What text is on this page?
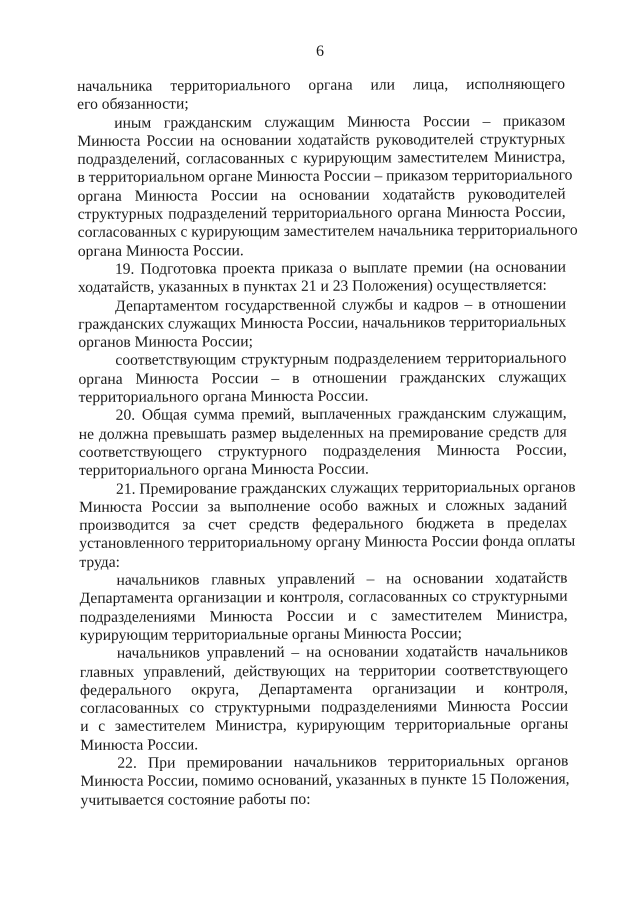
6
начальника территориального органа или лица, исполняющего
его обязанности;
иным гражданским служащим Минюста России – приказом
Минюста России на основании ходатайств руководителей структурных
подразделений, согласованных с курирующим заместителем Министра,
в территориальном органе Минюста России – приказом территориального
органа Минюста России на основании ходатайств руководителей
структурных подразделений территориального органа Минюста России,
согласованных с курирующим заместителем начальника территориального
органа Минюста России.
19. Подготовка проекта приказа о выплате премии (на основании
ходатайств, указанных в пунктах 21 и 23 Положения) осуществляется:
Департаментом государственной службы и кадров – в отношении
гражданских служащих Минюста России, начальников территориальных
органов Минюста России;
соответствующим структурным подразделением территориального
органа Минюста России – в отношении гражданских служащих
территориального органа Минюста России.
20. Общая сумма премий, выплаченных гражданским служащим,
не должна превышать размер выделенных на премирование средств для
соответствующего структурного подразделения Минюста России,
территориального органа Минюста России.
21. Премирование гражданских служащих территориальных органов
Минюста России за выполнение особо важных и сложных заданий
производится за счет средств федерального бюджета в пределах
установленного территориальному органу Минюста России фонда оплаты
труда:
начальников главных управлений – на основании ходатайств
Департамента организации и контроля, согласованных со структурными
подразделениями Минюста России и с заместителем Министра,
курирующим территориальные органы Минюста России;
начальников управлений – на основании ходатайств начальников
главных управлений, действующих на территории соответствующего
федерального округа, Департамента организации и контроля,
согласованных со структурными подразделениями Минюста России
и с заместителем Министра, курирующим территориальные органы
Минюста России.
22. При премировании начальников территориальных органов
Минюста России, помимо оснований, указанных в пункте 15 Положения,
учитывается состояние работы по:
